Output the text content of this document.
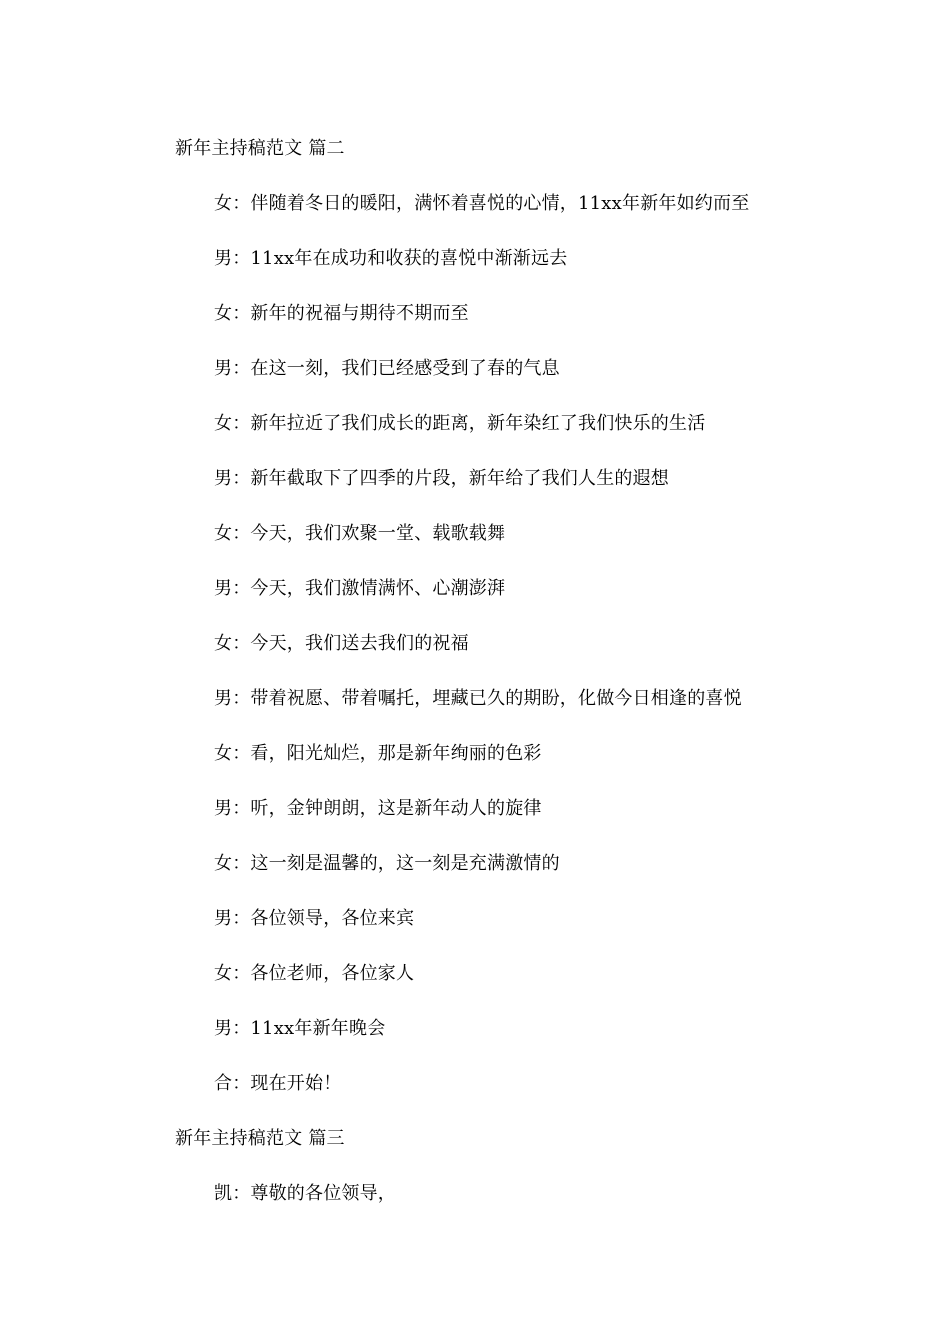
新年主持稿范文 篇二
女：伴随着冬日的暖阳，满怀着喜悦的心情，11xx年新年如约而至
男：11xx年在成功和收获的喜悦中渐渐远去
女：新年的祝福与期待不期而至
男：在这一刻，我们已经感受到了春的气息
女：新年拉近了我们成长的距离，新年染红了我们快乐的生活
男：新年截取下了四季的片段，新年给了我们人生的遐想
女：今天，我们欢聚一堂、载歌载舞
男：今天，我们激情满怀、心潮澎湃
女：今天，我们送去我们的祝福
男：带着祝愿、带着嘱托，埋藏已久的期盼，化做今日相逢的喜悦
女：看，阳光灿烂，那是新年绚丽的色彩
男：听，金钟朗朗，这是新年动人的旋律
女：这一刻是温馨的，这一刻是充满激情的
男：各位领导，各位来宾
女：各位老师，各位家人
男：11xx年新年晚会
合：现在开始！
新年主持稿范文 篇三
凯：尊敬的各位领导，
